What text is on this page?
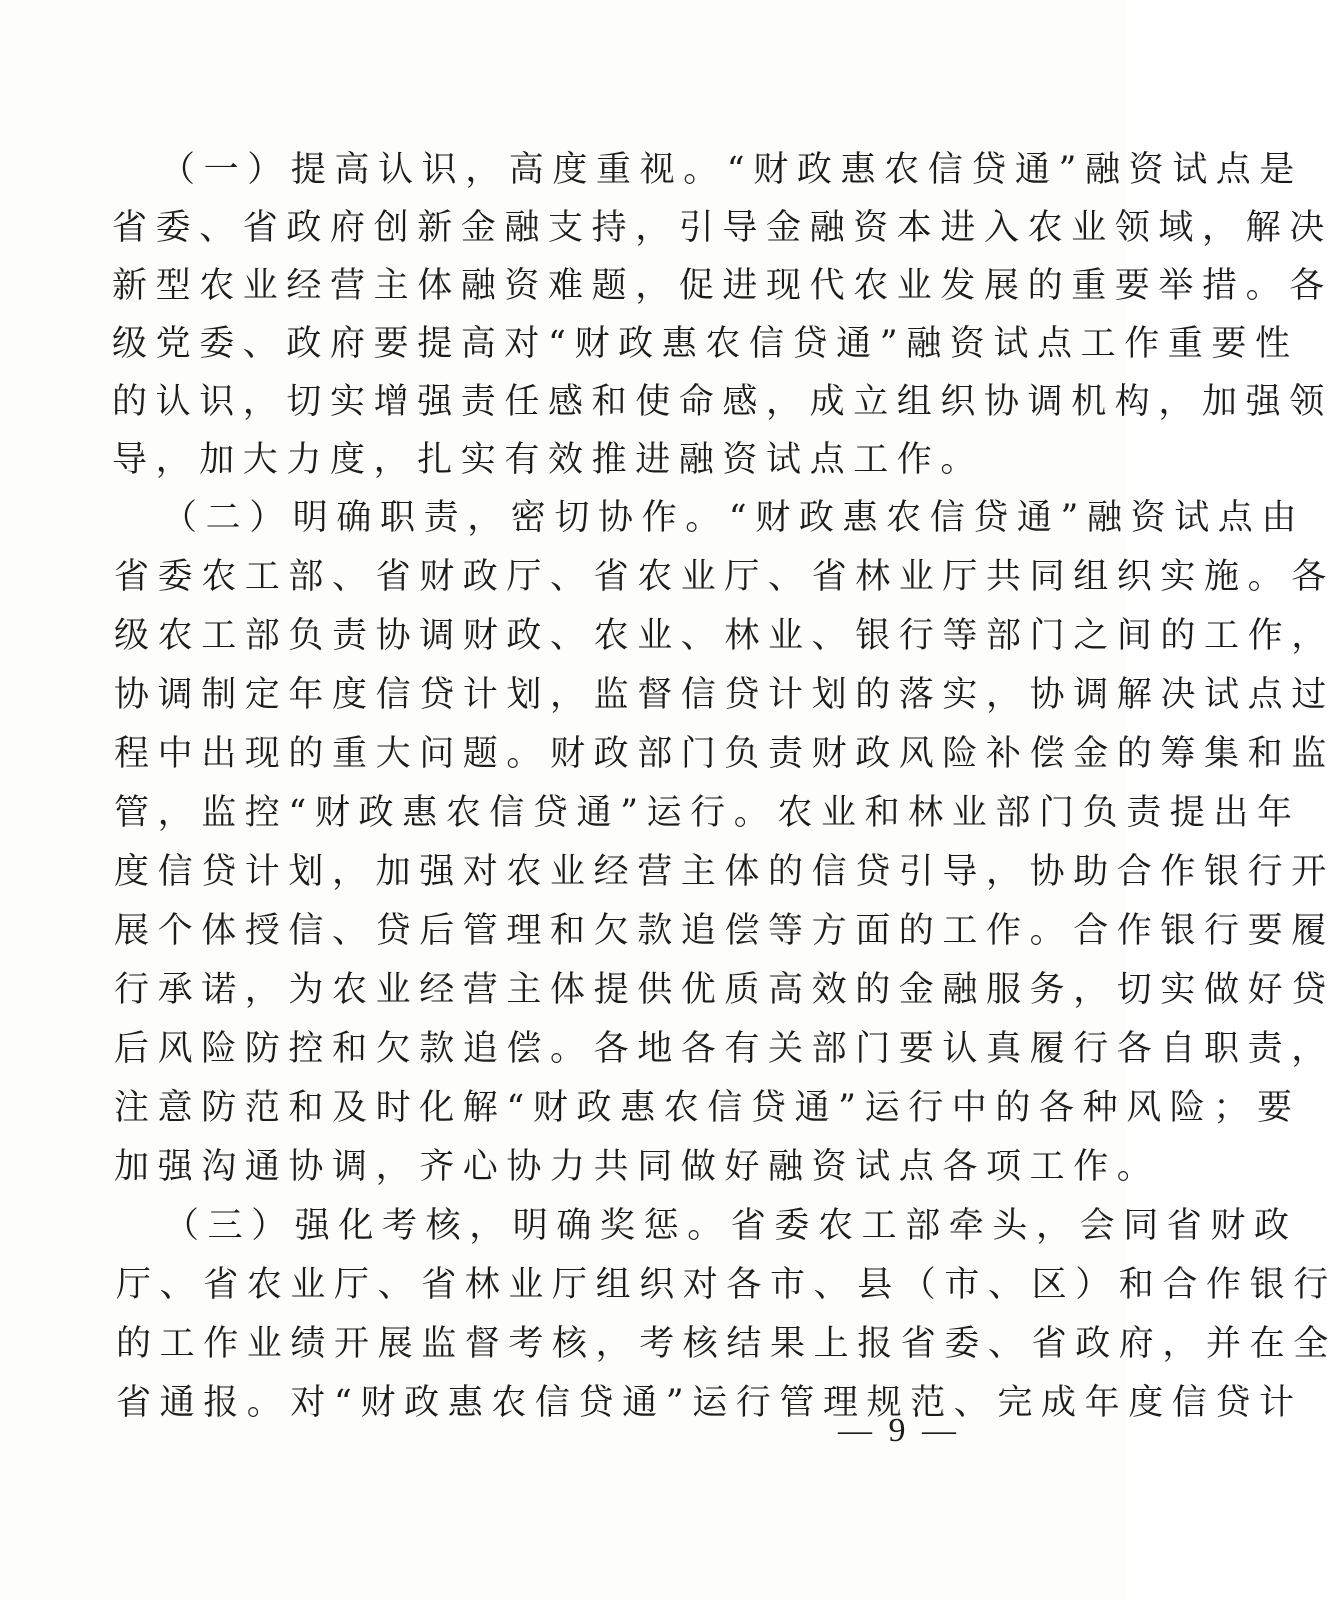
（一）提高认识，高度重视。“财政惠农信贷通”融资试点是
省委、省政府创新金融支持，引导金融资本进入农业领域，解决
新型农业经营主体融资难题，促进现代农业发展的重要举措。各
级党委、政府要提高对“财政惠农信贷通”融资试点工作重要性
的认识，切实增强责任感和使命感，成立组织协调机构，加强领
导，加大力度，扎实有效推进融资试点工作。
（二）明确职责，密切协作。“财政惠农信贷通”融资试点由
省委农工部、省财政厅、省农业厅、省林业厅共同组织实施。各
级农工部负责协调财政、农业、林业、银行等部门之间的工作，
协调制定年度信贷计划，监督信贷计划的落实，协调解决试点过
程中出现的重大问题。财政部门负责财政风险补偿金的筹集和监
管，监控“财政惠农信贷通”运行。农业和林业部门负责提出年
度信贷计划，加强对农业经营主体的信贷引导，协助合作银行开
展个体授信、贷后管理和欠款追偿等方面的工作。合作银行要履
行承诺，为农业经营主体提供优质高效的金融服务，切实做好贷
后风险防控和欠款追偿。各地各有关部门要认真履行各自职责，
注意防范和及时化解“财政惠农信贷通”运行中的各种风险；要
加强沟通协调，齐心协力共同做好融资试点各项工作。
（三）强化考核，明确奖惩。省委农工部牵头，会同省财政
厅、省农业厅、省林业厅组织对各市、县（市、区）和合作银行
的工作业绩开展监督考核，考核结果上报省委、省政府，并在全
省通报。对“财政惠农信贷通”运行管理规范、完成年度信贷计
— 9 —
